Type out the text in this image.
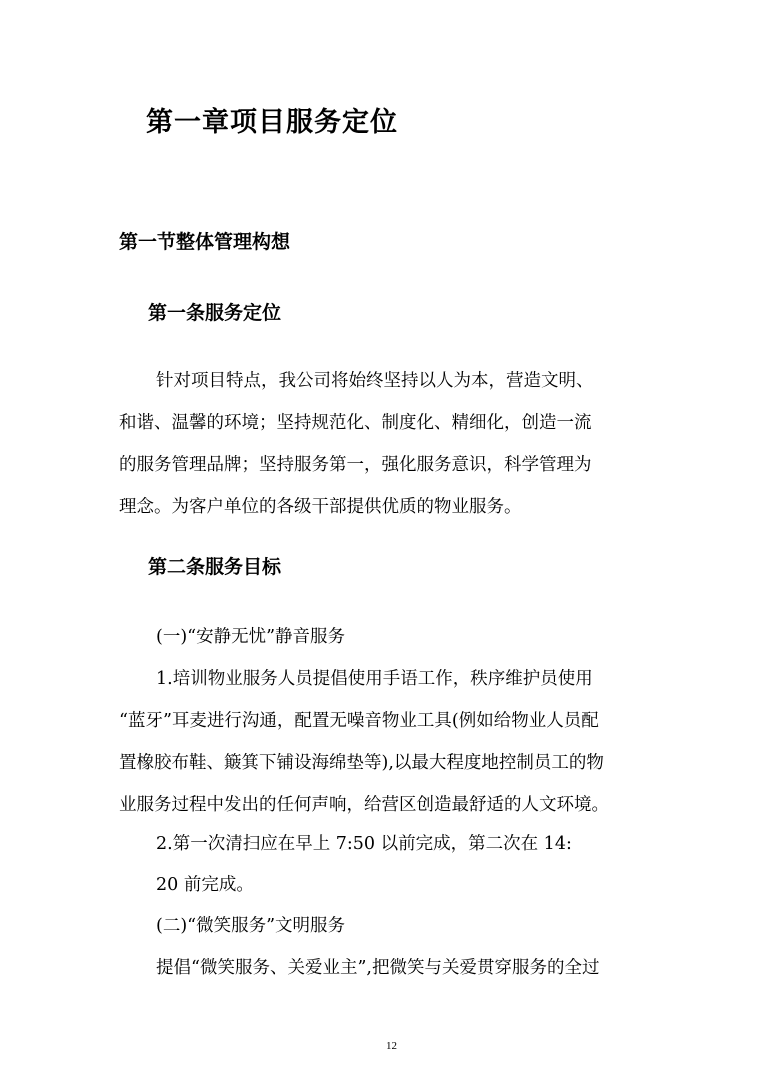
第一章项目服务定位
第一节整体管理构想
第一条服务定位
针对项目特点，我公司将始终坚持以人为本，营造文明、
和谐、温馨的环境；坚持规范化、制度化、精细化，创造一流
的服务管理品牌；坚持服务第一，强化服务意识，科学管理为
理念。为客户单位的各级干部提供优质的物业服务。
第二条服务目标
(一)“安静无忧”静音服务
1.培训物业服务人员提倡使用手语工作，秩序维护员使用
“蓝牙”耳麦进行沟通，配置无噪音物业工具(例如给物业人员配
置橡胶布鞋、簸箕下铺设海绵垫等),以最大程度地控制员工的物
业服务过程中发出的任何声响，给营区创造最舒适的人文环境。
2.第一次清扫应在早上 7:50 以前完成，第二次在 14:
20 前完成。
(二)“微笑服务”文明服务
提倡“微笑服务、关爱业主”,把微笑与关爱贯穿服务的全过
12
